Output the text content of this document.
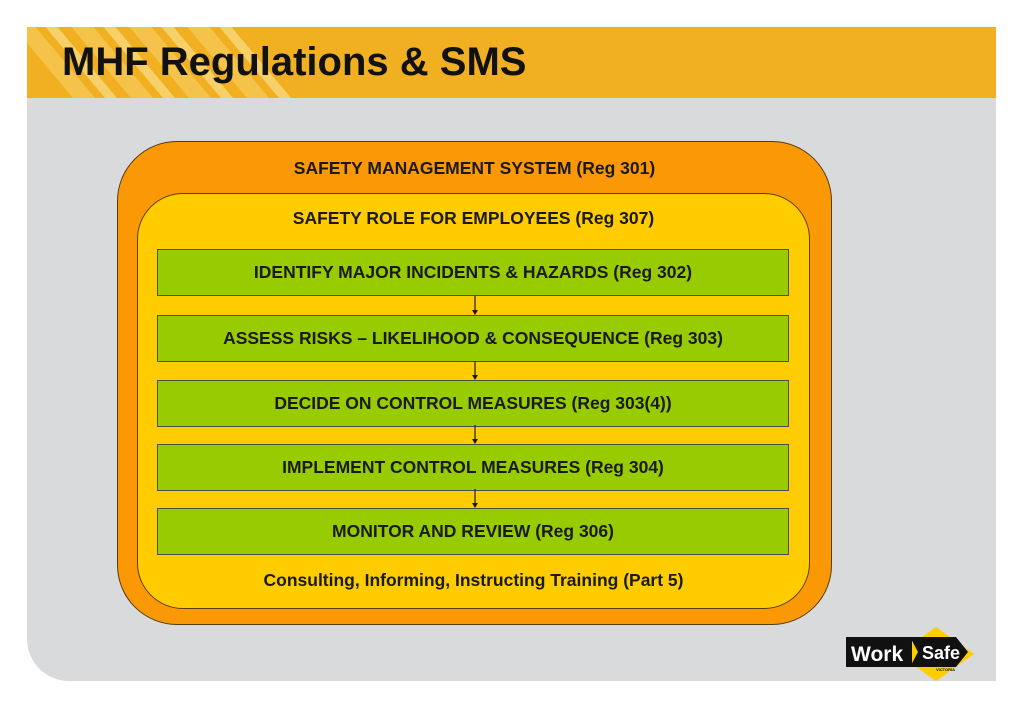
MHF Regulations & SMS
SAFETY MANAGEMENT SYSTEM (Reg 301)
SAFETY ROLE FOR EMPLOYEES (Reg 307)
IDENTIFY MAJOR INCIDENTS & HAZARDS (Reg 302)
ASSESS RISKS – LIKELIHOOD & CONSEQUENCE (Reg 303)
DECIDE ON CONTROL MEASURES (Reg 303(4))
IMPLEMENT CONTROL MEASURES (Reg 304)
MONITOR AND REVIEW (Reg 306)
Consulting, Informing, Instructing Training (Part 5)
Work Safe
VICTORIA
